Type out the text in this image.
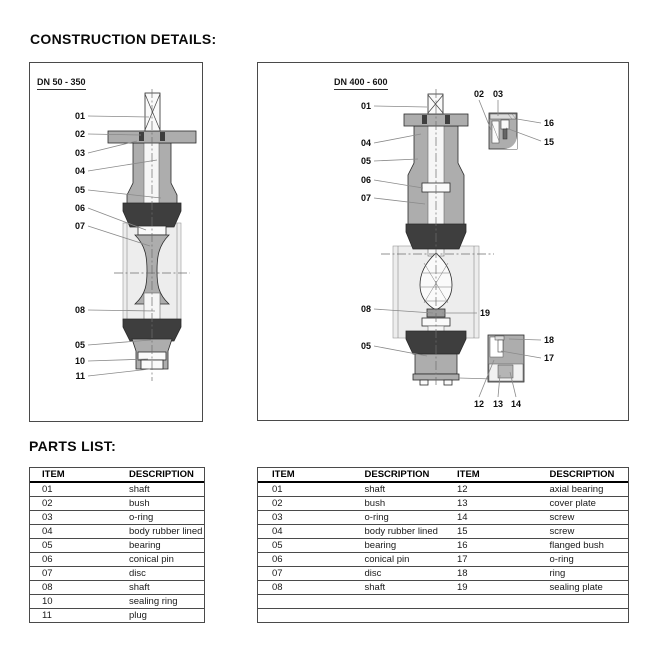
CONSTRUCTION DETAILS:
01
02
03
04
05
06
07
08
05
10
11
DN 50 - 350
01
04
05
06
07
08
05
19
02 03
16
15
18
17
12 13 14
DN 400 - 600
PARTS LIST:
ITEM	DESCRIPTION
01	shaft
02	bush
03	o-ring
04	body rubber lined
05	bearing
06	conical pin
07	disc
08	shaft
10	sealing ring
11	plug
ITEM	DESCRIPTION	ITEM	DESCRIPTION
01	shaft	12	axial bearing
02	bush	13	cover plate
03	o-ring	14	screw
04	body rubber lined	15	screw
05	bearing	16	flanged bush
06	conical pin	17	o-ring
07	disc	18	ring
08	shaft	19	sealing plate
